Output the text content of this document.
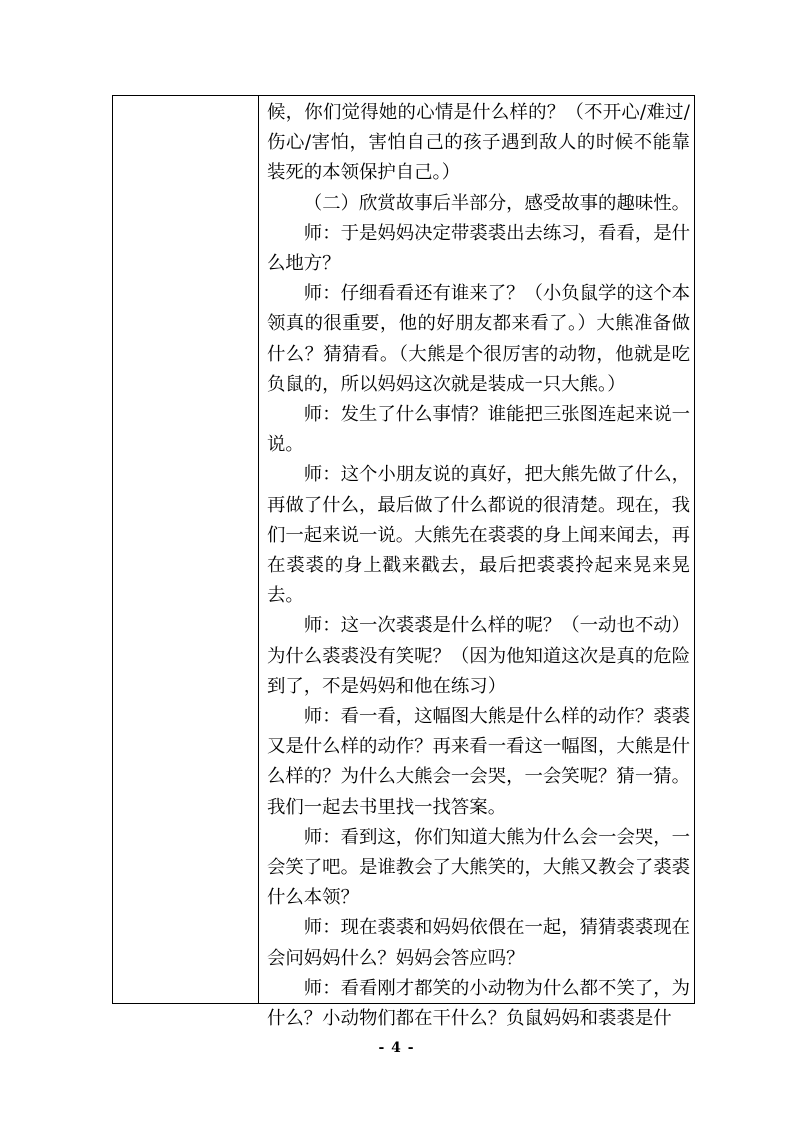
候，你们觉得她的心情是什么样的？（不开心/难过/伤心/害怕，害怕自己的孩子遇到敌人的时候不能靠装死的本领保护自己。）

（二）欣赏故事后半部分，感受故事的趣味性。

师：于是妈妈决定带裘裘出去练习，看看，是什么地方？

师：仔细看看还有谁来了？（小负鼠学的这个本领真的很重要，他的好朋友都来看了。）大熊准备做什么？猜猜看。（大熊是个很厉害的动物，他就是吃负鼠的，所以妈妈这次就是装成一只大熊。）

师：发生了什么事情？谁能把三张图连起来说一说。

师：这个小朋友说的真好，把大熊先做了什么，再做了什么，最后做了什么都说的很清楚。现在，我们一起来说一说。大熊先在裘裘的身上闻来闻去，再在裘裘的身上戳来戳去，最后把裘裘拎起来晃来晃去。

师：这一次裘裘是什么样的呢？（一动也不动）为什么裘裘没有笑呢？（因为他知道这次是真的危险到了，不是妈妈和他在练习）

师：看一看，这幅图大熊是什么样的动作？裘裘又是什么样的动作？再来看一看这一幅图，大熊是什么样的？为什么大熊会一会哭，一会笑呢？猜一猜。我们一起去书里找一找答案。

师：看到这，你们知道大熊为什么会一会哭，一会笑了吧。是谁教会了大熊笑的，大熊又教会了裘裘什么本领？

师：现在裘裘和妈妈依偎在一起，猜猜裘裘现在会问妈妈什么？妈妈会答应吗？

师：看看刚才都笑的小动物为什么都不笑了，为什么？小动物们都在干什么？负鼠妈妈和裘裘是什

- 4 -
